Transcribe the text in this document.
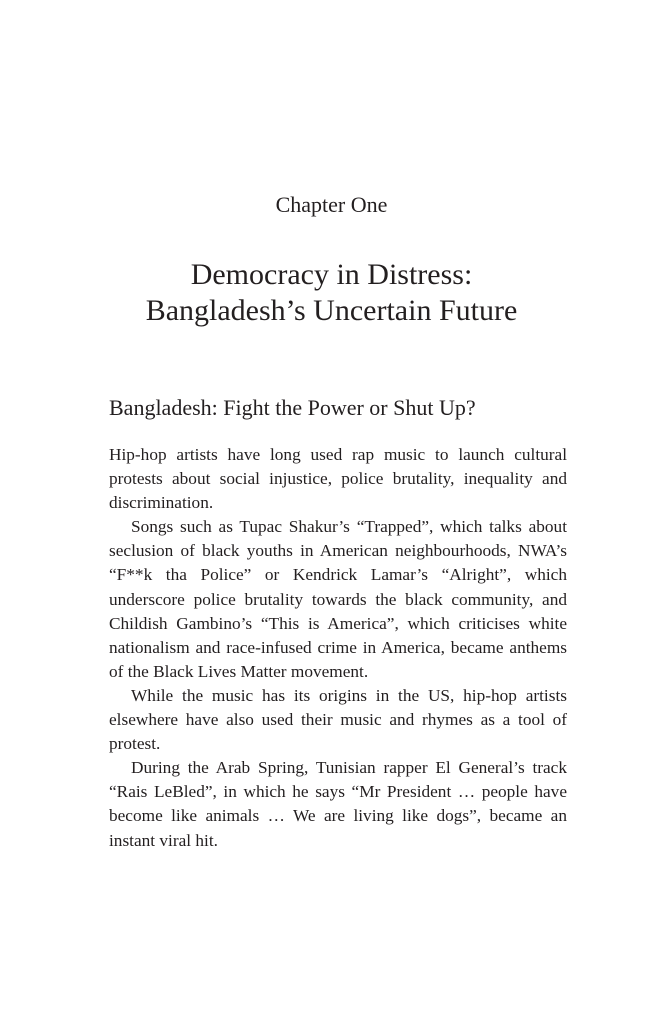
Chapter One
Democracy in Distress:
Bangladesh’s Uncertain Future
Bangladesh: Fight the Power or Shut Up?

Hip-hop artists have long used rap music to launch cultural protests about social injustice, police brutality, inequality and discrimination.

Songs such as Tupac Shakur’s “Trapped”, which talks about seclusion of black youths in American neighbourhoods, NWA’s “F**k tha Police” or Kendrick Lamar’s “Alright”, which underscore police brutality towards the black community, and Childish Gambino’s “This is America”, which criticises white nationalism and race-infused crime in America, became anthems of the Black Lives Matter movement.

While the music has its origins in the US, hip-hop artists elsewhere have also used their music and rhymes as a tool of protest.

During the Arab Spring, Tunisian rapper El General’s track “Rais LeBled”, in which he says “Mr President … people have become like animals … We are living like dogs”, became an instant viral hit.
